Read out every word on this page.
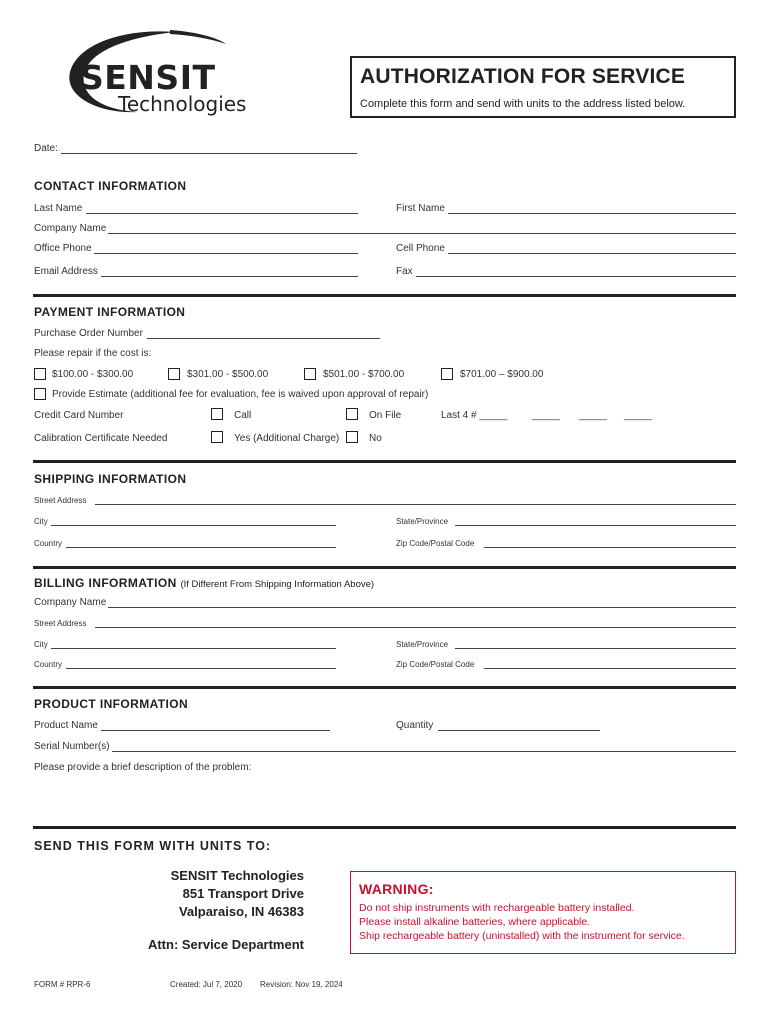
SENSIT
Technologies
AUTHORIZATION FOR SERVICE
Complete this form and send with units to the address listed below.
Date:
CONTACT INFORMATION
Last Name	First Name
Company Name
Office Phone	Cell Phone
Email Address	Fax
PAYMENT INFORMATION
Purchase Order Number
Please repair if the cost is:
$100.00 - $300.00	$301.00 - $500.00	$501.00 - $700.00	$701.00 – $900.00
Provide Estimate (additional fee for evaluation, fee is waived upon approval of repair)
Credit Card Number	Call	On File	Last 4 # _____ _____ _____ _____
Calibration Certificate Needed	Yes (Additional Charge)	No
SHIPPING INFORMATION
Street Address
City	State/Province
Country	Zip Code/Postal Code
BILLING INFORMATION (If Different From Shipping Information Above)
Company Name
Street Address
City	State/Province
Country	Zip Code/Postal Code
PRODUCT INFORMATION
Product Name	Quantity
Serial Number(s)
Please provide a brief description of the problem:
SEND THIS FORM WITH UNITS TO:
SENSIT Technologies
851 Transport Drive
Valparaiso, IN 46383
Attn: Service Department
WARNING:
Do not ship instruments with rechargeable battery installed.
Please install alkaline batteries, where applicable.
Ship rechargeable battery (uninstalled) with the instrument for service.
FORM # RPR-6	Created: Jul 7, 2020 Revision: Nov 19, 2024
